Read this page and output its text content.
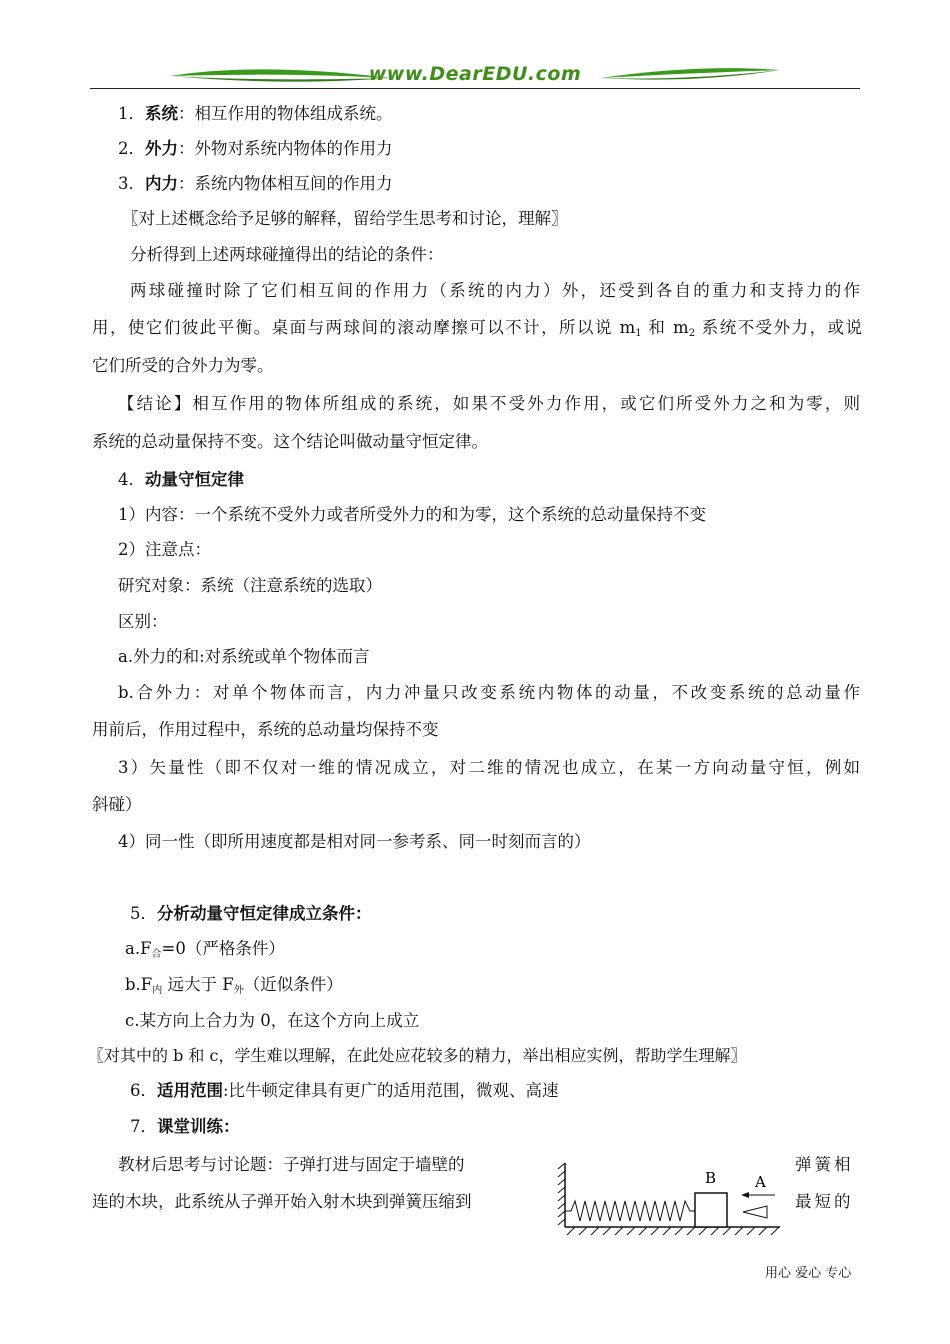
www.DearEDU.com
1．系统：相互作用的物体组成系统。
2．外力：外物对系统内物体的作用力
3．内力：系统内物体相互间的作用力
〖对上述概念给予足够的解释，留给学生思考和讨论，理解〗
分析得到上述两球碰撞得出的结论的条件：
两球碰撞时除了它们相互间的作用力（系统的内力）外，还受到各自的重力和支持力的作
用，使它们彼此平衡。桌面与两球间的滚动摩擦可以不计，所以说 m1 和 m2 系统不受外力，或说
它们所受的合外力为零。
【结论】相互作用的物体所组成的系统，如果不受外力作用，或它们所受外力之和为零，则
系统的总动量保持不变。这个结论叫做动量守恒定律。
4．动量守恒定律
1）内容：一个系统不受外力或者所受外力的和为零，这个系统的总动量保持不变
2）注意点：
研究对象：系统（注意系统的选取）
区别：
a.外力的和:对系统或单个物体而言
b.合外力：对单个物体而言，内力冲量只改变系统内物体的动量，不改变系统的总动量作
用前后，作用过程中，系统的总动量均保持不变
3）矢量性（即不仅对一维的情况成立，对二维的情况也成立，在某一方向动量守恒，例如
斜碰）
4）同一性（即所用速度都是相对同一参考系、同一时刻而言的）
5．分析动量守恒定律成立条件：
a.F合=0（严格条件）
b.F内 远大于 F外（近似条件）
c.某方向上合力为 0，在这个方向上成立
〖对其中的 b 和 c，学生难以理解，在此处应花较多的精力，举出相应实例，帮助学生理解〗
6．适用范围:比牛顿定律具有更广的适用范围，微观、高速
7．课堂训练：
教材后思考与讨论题：子弹打进与固定于墙壁的	弹簧相
连的木块，此系统从子弹开始入射木块到弹簧压缩到	最短的
B	A
用心 爱心 专心
